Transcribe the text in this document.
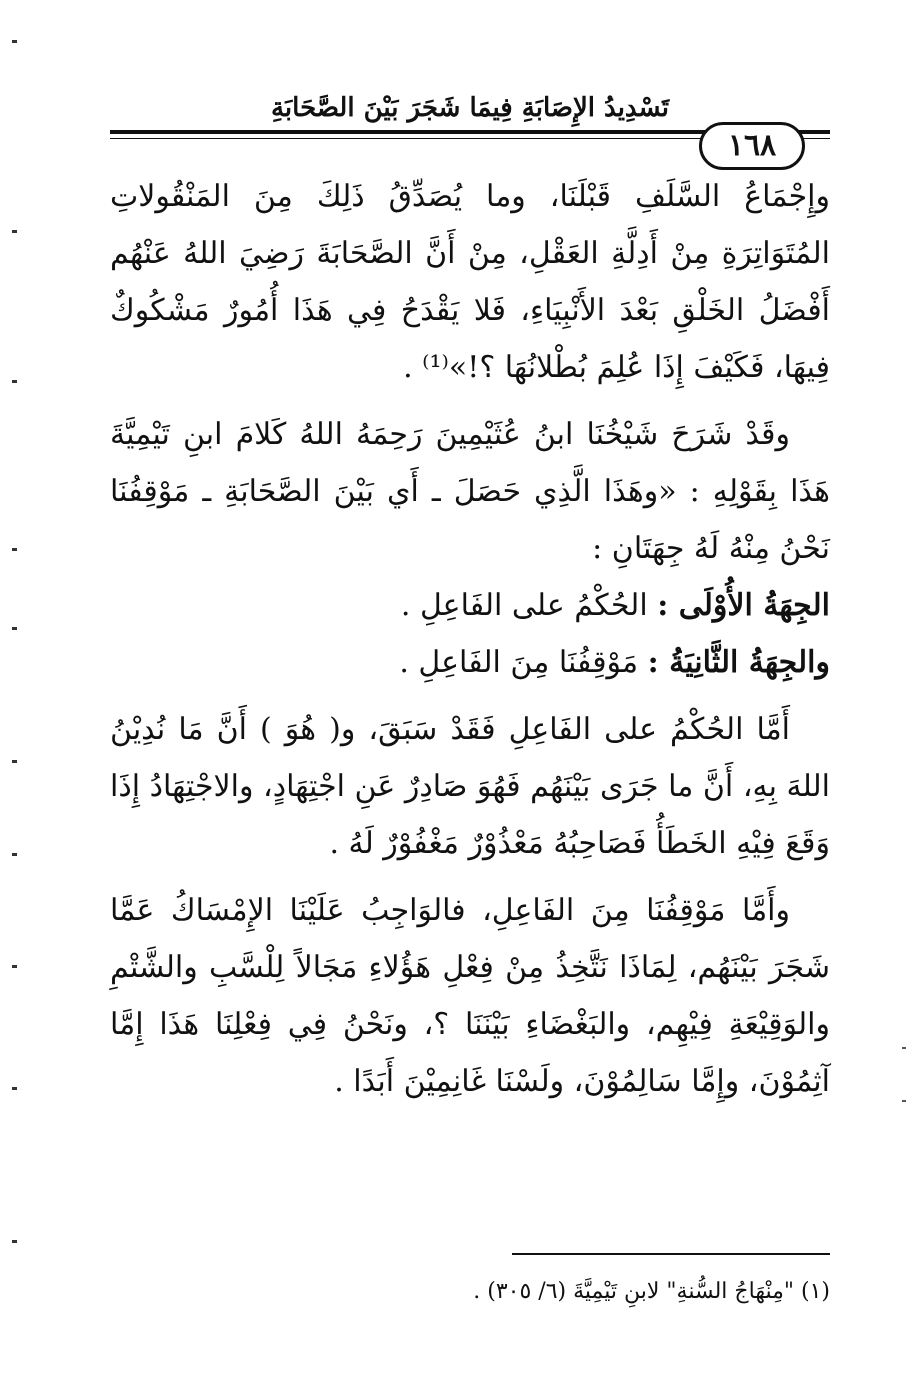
تَسْدِيدُ الإِصَابَةِ فِيمَا شَجَرَ بَيْنَ الصَّحَابَةِ
١٦٨

وإِجْمَاعُ السَّلَفِ قَبْلَنَا، وما يُصَدِّقُ ذَلِكَ مِنَ المَنْقُولاتِ المُتَوَاتِرَةِ مِنْ أَدِلَّةِ العَقْلِ، مِنْ أَنَّ الصَّحَابَةَ رَضِيَ اللهُ عَنْهُم أَفْضَلُ الخَلْقِ بَعْدَ الأَنْبِيَاءِ، فَلا يَقْدَحُ فِي هَذَا أُمُورٌ مَشْكُوكٌ فِيهَا، فَكَيْفَ إِذَا عُلِمَ بُطْلانُهَا ؟!»⁽¹⁾ .

وقَدْ شَرَحَ شَيْخُنَا ابنُ عُثَيْمِينَ رَحِمَهُ اللهُ كَلامَ ابنِ تَيْمِيَّةَ هَذَا بِقَوْلِهِ : «وهَذَا الَّذِي حَصَلَ ـ أَي بَيْنَ الصَّحَابَةِ ـ مَوْقِفُنَا نَحْنُ مِنْهُ لَهُ جِهَتَانِ :

الجِهَةُ الأُوْلَى : الحُكْمُ على الفَاعِلِ .

والجِهَةُ الثَّانِيَةُ : مَوْقِفُنَا مِنَ الفَاعِلِ .

أَمَّا الحُكْمُ على الفَاعِلِ فَقَدْ سَبَقَ، و( هُوَ ) أَنَّ مَا نُدِيْنُ اللهَ بِهِ، أَنَّ ما جَرَى بَيْنَهُم فَهُوَ صَادِرٌ عَنِ اجْتِهَادٍ، والاجْتِهَادُ إِذَا وَقَعَ فِيْهِ الخَطَأُ فَصَاحِبُهُ مَعْذُوْرٌ مَغْفُوْرٌ لَهُ .

وأَمَّا مَوْقِفُنَا مِنَ الفَاعِلِ، فالوَاجِبُ عَلَيْنَا الإِمْسَاكُ عَمَّا شَجَرَ بَيْنَهُم، لِمَاذَا نَتَّخِذُ مِنْ فِعْلِ هَؤُلاءِ مَجَالاً لِلْسَّبِ والشَّتْمِ والوَقِيْعَةِ فِيْهِم، والبَغْضَاءِ بَيْنَنَا ؟، ونَحْنُ فِي فِعْلِنَا هَذَا إِمَّا آثِمُوْنَ، وإِمَّا سَالِمُوْنَ، ولَسْنَا غَانِمِيْنَ أَبَدًا .

(١) "مِنْهَاجُ السُّنةِ" لابنِ تَيْمِيَّةَ (٦/ ٣٠٥) .
